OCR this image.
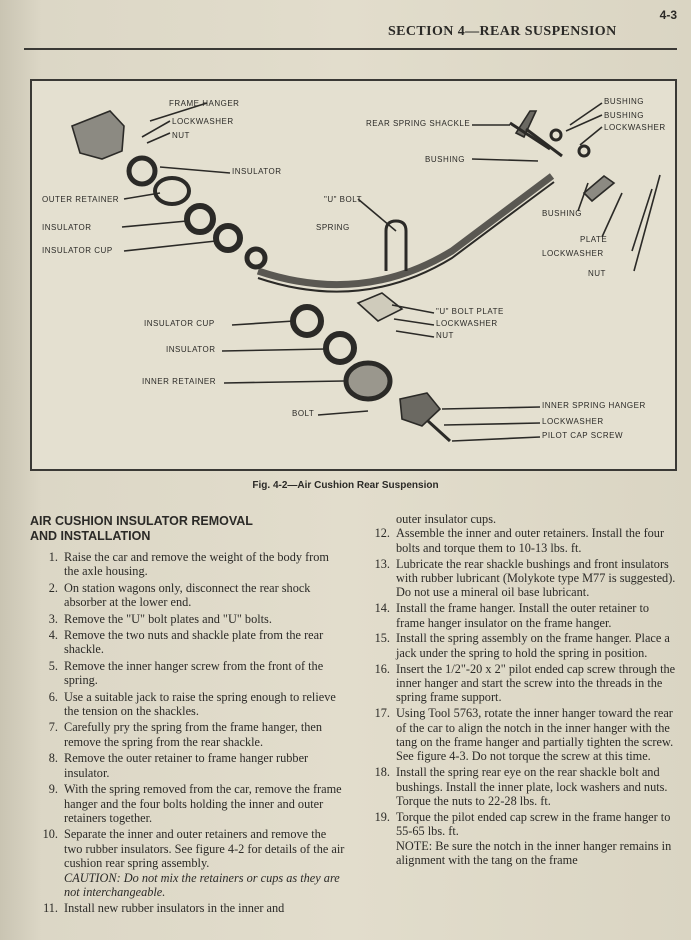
4-3
SECTION 4—REAR SUSPENSION
FRAME HANGER
LOCKWASHER
NUT
INSULATOR
OUTER RETAINER
INSULATOR
INSULATOR CUP
REAR SPRING SHACKLE
BUSHING
"U" BOLT
SPRING
BUSHING
BUSHING
LOCKWASHER
BUSHING
PLATE
LOCKWASHER
NUT
"U" BOLT PLATE
LOCKWASHER
NUT
INSULATOR CUP
INSULATOR
INNER RETAINER
BOLT
INNER SPRING HANGER
LOCKWASHER
PILOT CAP SCREW
Fig. 4-2—Air Cushion Rear Suspension
AIR CUSHION INSULATOR REMOVAL
AND INSTALLATION
1. Raise the car and remove the weight of the body from the axle housing.
2. On station wagons only, disconnect the rear shock absorber at the lower end.
3. Remove the "U" bolt plates and "U" bolts.
4. Remove the two nuts and shackle plate from the rear shackle.
5. Remove the inner hanger screw from the front of the spring.
6. Use a suitable jack to raise the spring enough to relieve the tension on the shackles.
7. Carefully pry the spring from the frame hanger, then remove the spring from the rear shackle.
8. Remove the outer retainer to frame hanger rubber insulator.
9. With the spring removed from the car, remove the frame hanger and the four bolts holding the inner and outer retainers together.
10. Separate the inner and outer retainers and remove the two rubber insulators. See figure 4-2 for details of the air cushion rear spring assembly.
CAUTION: Do not mix the retainers or cups as they are not interchangeable.
11. Install new rubber insulators in the inner and
outer insulator cups.
12. Assemble the inner and outer retainers. Install the four bolts and torque them to 10-13 lbs. ft.
13. Lubricate the rear shackle bushings and front insulators with rubber lubricant (Molykote type M77 is suggested). Do not use a mineral oil base lubricant.
14. Install the frame hanger. Install the outer retainer to frame hanger insulator on the frame hanger.
15. Install the spring assembly on the frame hanger. Place a jack under the spring to hold the spring in position.
16. Insert the 1/2"-20 x 2" pilot ended cap screw through the inner hanger and start the screw into the threads in the spring frame support.
17. Using Tool 5763, rotate the inner hanger toward the rear of the car to align the notch in the inner hanger with the tang on the frame hanger and partially tighten the screw. See figure 4-3. Do not torque the screw at this time.
18. Install the spring rear eye on the rear shackle bolt and bushings. Install the inner plate, lock washers and nuts. Torque the nuts to 22-28 lbs. ft.
19. Torque the pilot ended cap screw in the frame hanger to 55-65 lbs. ft.
NOTE: Be sure the notch in the inner hanger remains in alignment with the tang on the frame
